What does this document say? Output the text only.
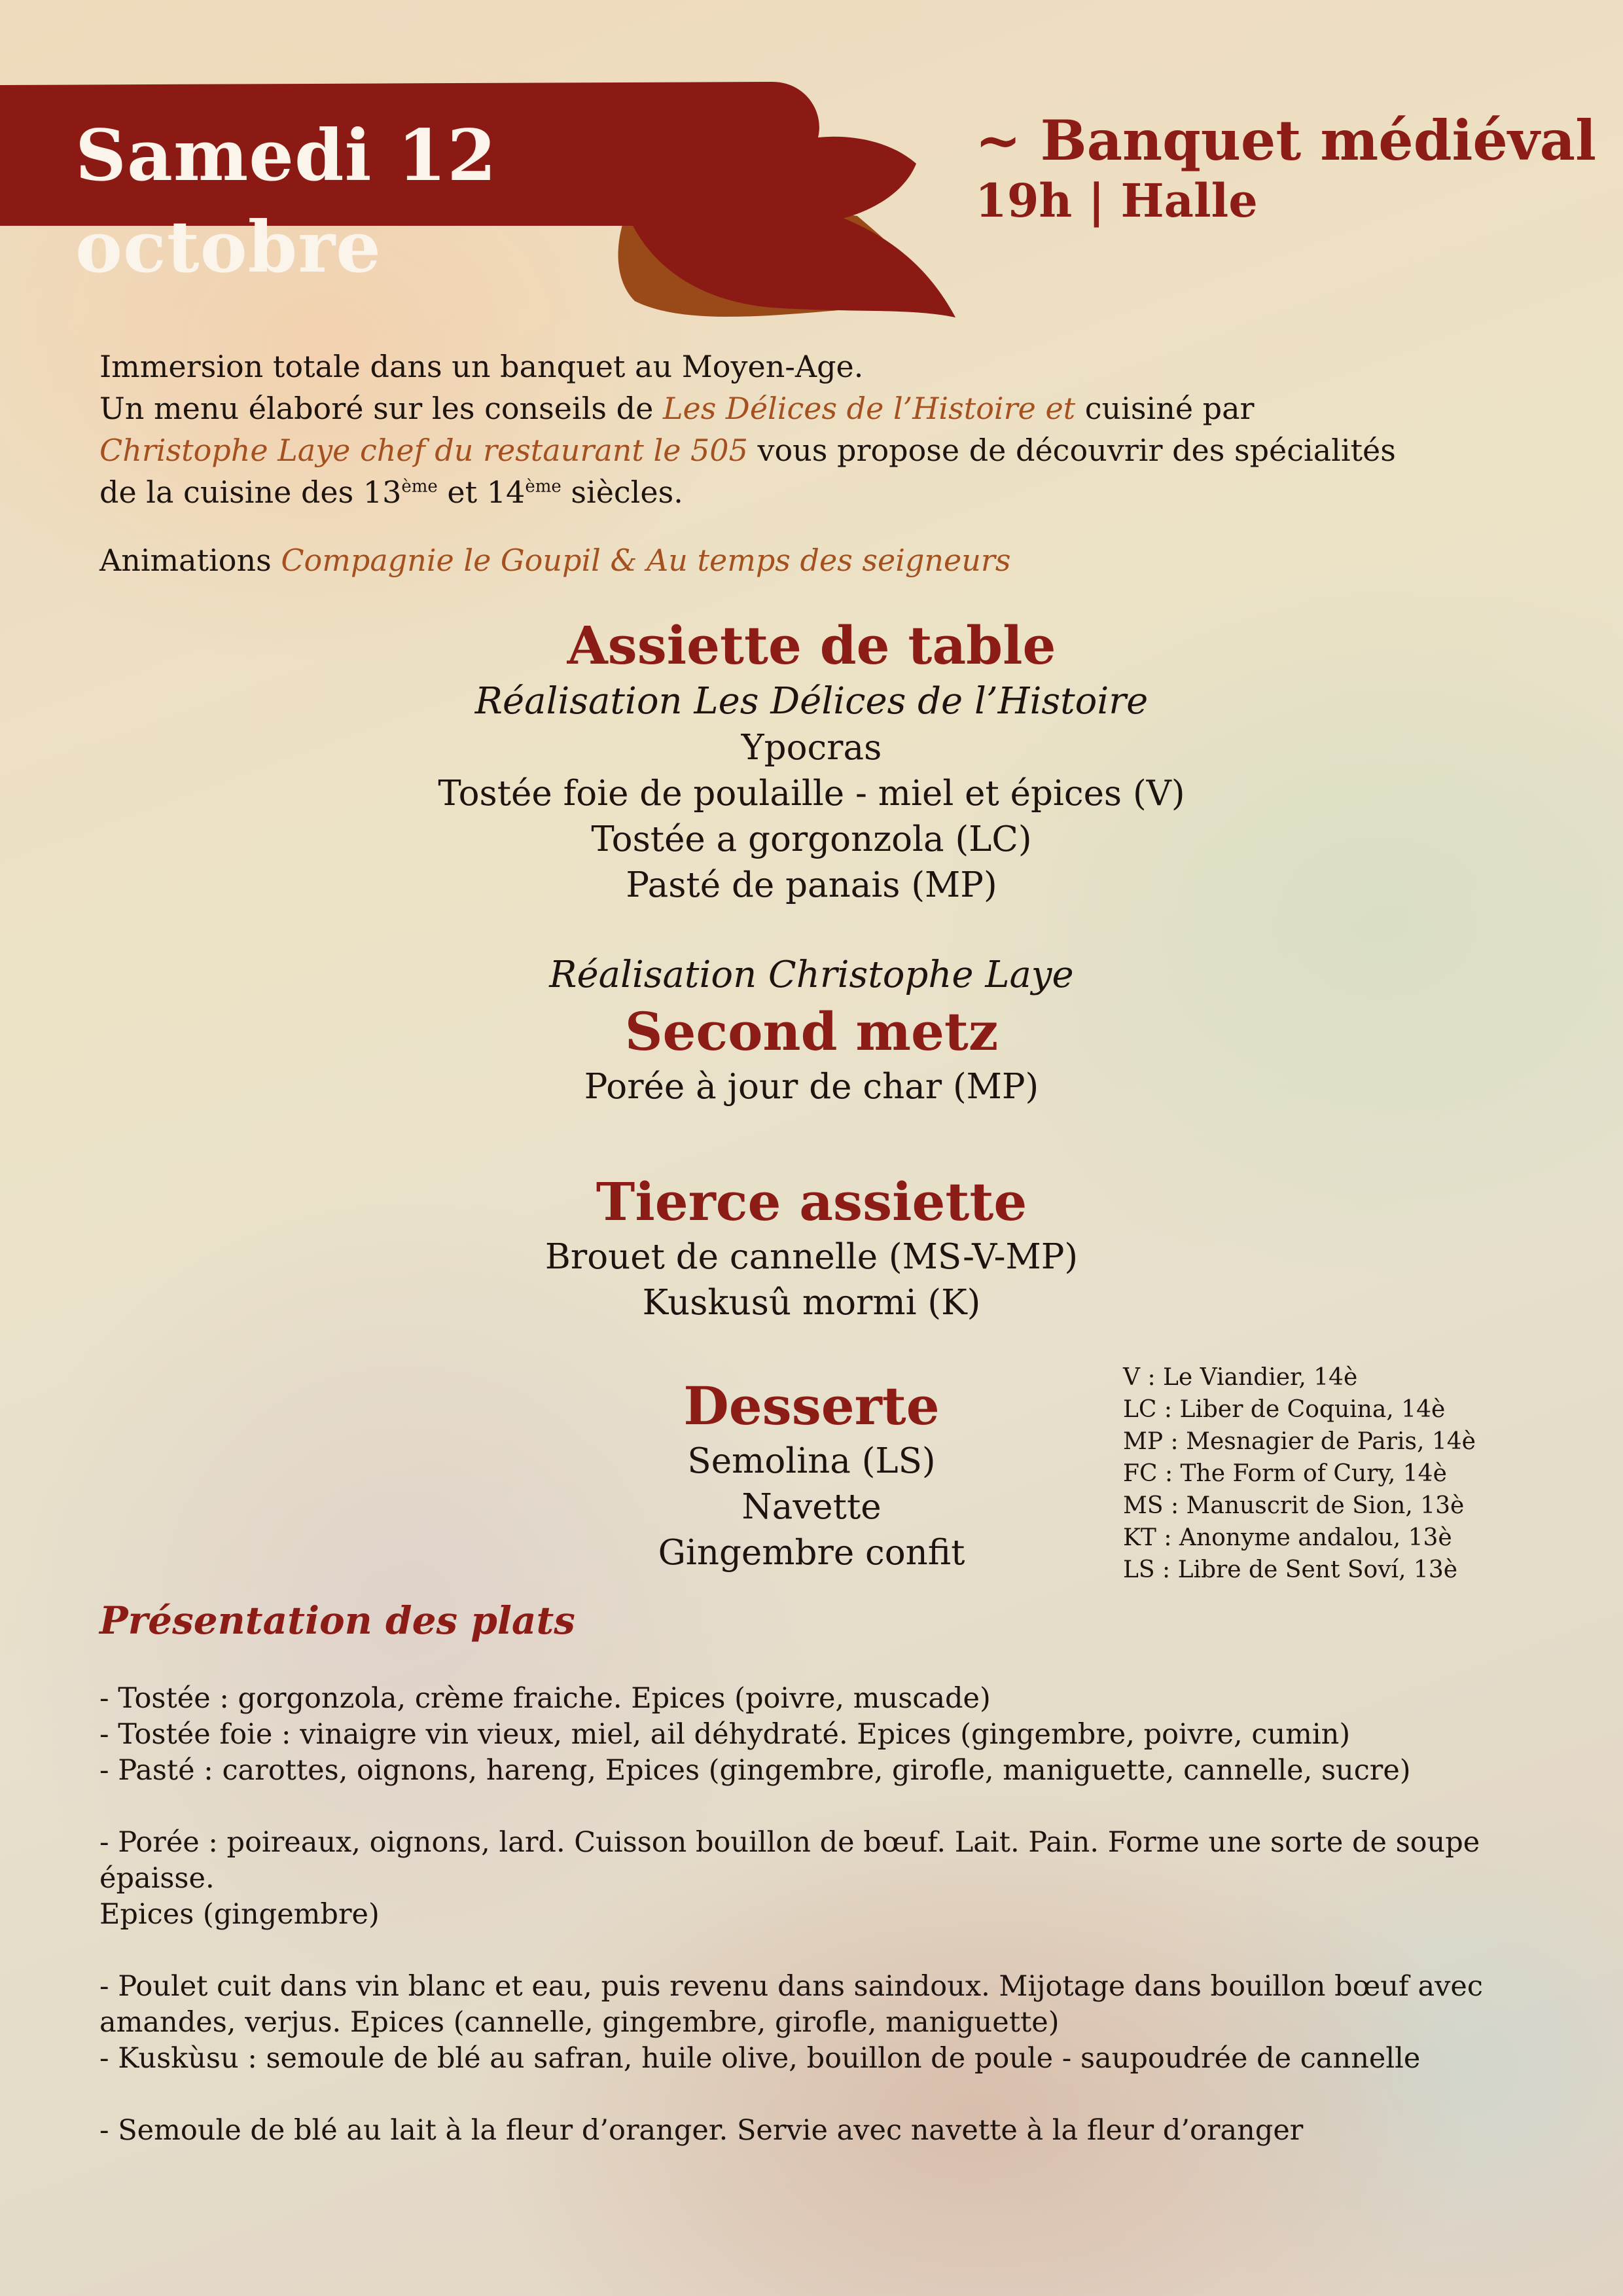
Samedi 12 octobre
~ Banquet médiéval
19h | Halle

Immersion totale dans un banquet au Moyen-Age.

Un menu élaboré sur les conseils de Les Délices de l’Histoire et cuisiné par

Christophe Laye chef du restaurant le 505 vous propose de découvrir des spécialités

de la cuisine des 13ème et 14ème siècles.

Animations Compagnie le Goupil & Au temps des seigneurs

Assiette de table

Réalisation Les Délices de l’Histoire

Ypocras

Tostée foie de poulaille - miel et épices (V)

Tostée a gorgonzola (LC)

Pasté de panais (MP)

Réalisation Christophe Laye

Second metz

Porée à jour de char (MP)

Tierce assiette

Brouet de cannelle (MS-V-MP)

Kuskusû mormi (K)

Desserte

Semolina (LS)

Navette

Gingembre confit

V : Le Viandier, 14è
LC : Liber de Coquina, 14è
MP : Mesnagier de Paris, 14è
FC : The Form of Cury, 14è
MS : Manuscrit de Sion, 13è
KT : Anonyme andalou, 13è
LS : Libre de Sent Soví, 13è
Présentation des plats

- Tostée : gorgonzola, crème fraiche. Epices (poivre, muscade)

- Tostée foie : vinaigre vin vieux, miel, ail déhydraté. Epices (gingembre, poivre, cumin)

- Pasté : carottes, oignons, hareng, Epices (gingembre, girofle, maniguette, cannelle, sucre)

- Porée : poireaux, oignons, lard. Cuisson bouillon de bœuf. Lait. Pain. Forme une sorte de soupe

épaisse.

Epices (gingembre)

- Poulet cuit dans vin blanc et eau, puis revenu dans saindoux. Mijotage dans bouillon bœuf avec

amandes, verjus. Epices (cannelle, gingembre, girofle, maniguette)

- Kuskùsu : semoule de blé au safran, huile olive, bouillon de poule - saupoudrée de cannelle

- Semoule de blé au lait à la fleur d’oranger. Servie avec navette à la fleur d’oranger
